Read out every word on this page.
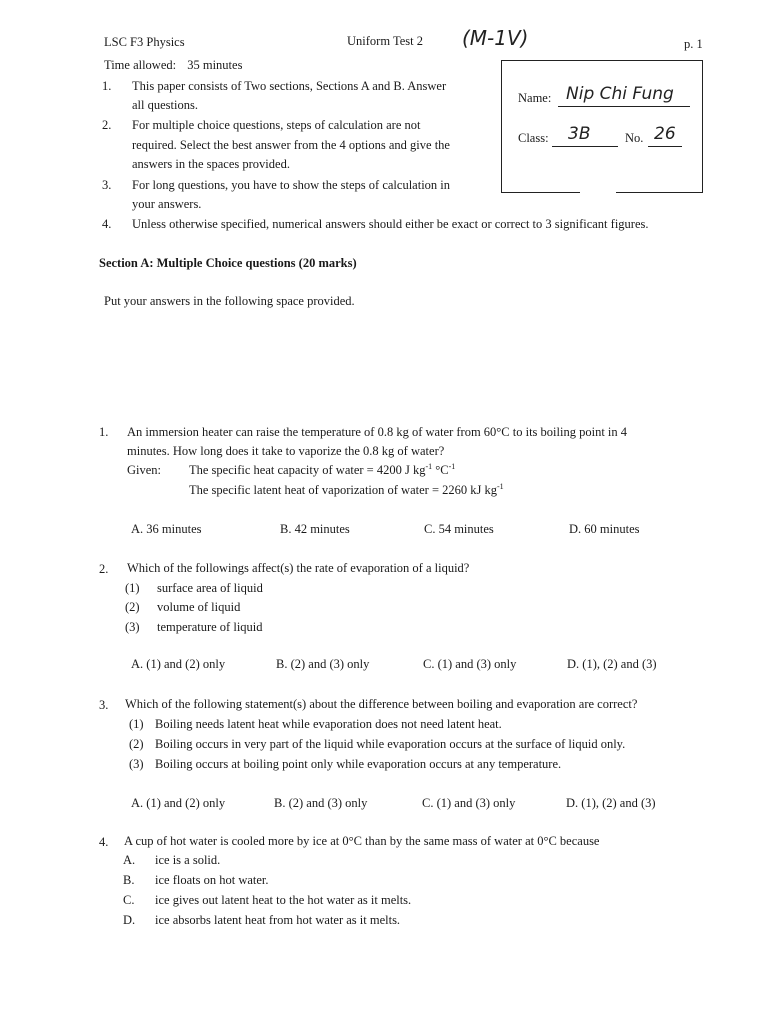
LSC F3 Physics	Uniform Test 2 (M-1V)	p. 1
Time allowed: 35 minutes
1. This paper consists of Two sections, Sections A and B. Answer
all questions.
2. For multiple choice questions, steps of calculation are not
required. Select the best answer from the 4 options and give the
answers in the spaces provided.
3. For long questions, you have to show the steps of calculation in
your answers.
4. Unless otherwise specified, numerical answers should either be exact or correct to 3 significant figures.
Name: Nip Chi Fung
Class: 3B	No. 26
Section A: Multiple Choice questions (20 marks)
Put your answers in the following space provided.
1. An immersion heater can raise the temperature of 0.8 kg of water from 60°C to its boiling point in 4
minutes. How long does it take to vaporize the 0.8 kg of water?
Given: The specific heat capacity of water = 4200 J $kg^{-1}$ $^\circ C^{-1}$
The specific latent heat of vaporization of water = 2260 kJ $kg^{-1}$
A. 36 minutes	B. 42 minutes	C. 54 minutes	D. 60 minutes
2. Which of the followings affect(s) the rate of evaporation of a liquid?
(1) surface area of liquid
(2) volume of liquid
(3) temperature of liquid
A. (1) and (2) only	B. (2) and (3) only	C. (1) and (3) only	D. (1), (2) and (3)
3. Which of the following statement(s) about the difference between boiling and evaporation are correct?
(1) Boiling needs latent heat while evaporation does not need latent heat.
(2) Boiling occurs in very part of the liquid while evaporation occurs at the surface of liquid only.
(3) Boiling occurs at boiling point only while evaporation occurs at any temperature.
A. (1) and (2) only	B. (2) and (3) only	C. (1) and (3) only	D. (1), (2) and (3)
4. A cup of hot water is cooled more by ice at 0°C than by the same mass of water at 0°C because
A. ice is a solid.
B. ice floats on hot water.
C. ice gives out latent heat to the hot water as it melts.
D. ice absorbs latent heat from hot water as it melts.
